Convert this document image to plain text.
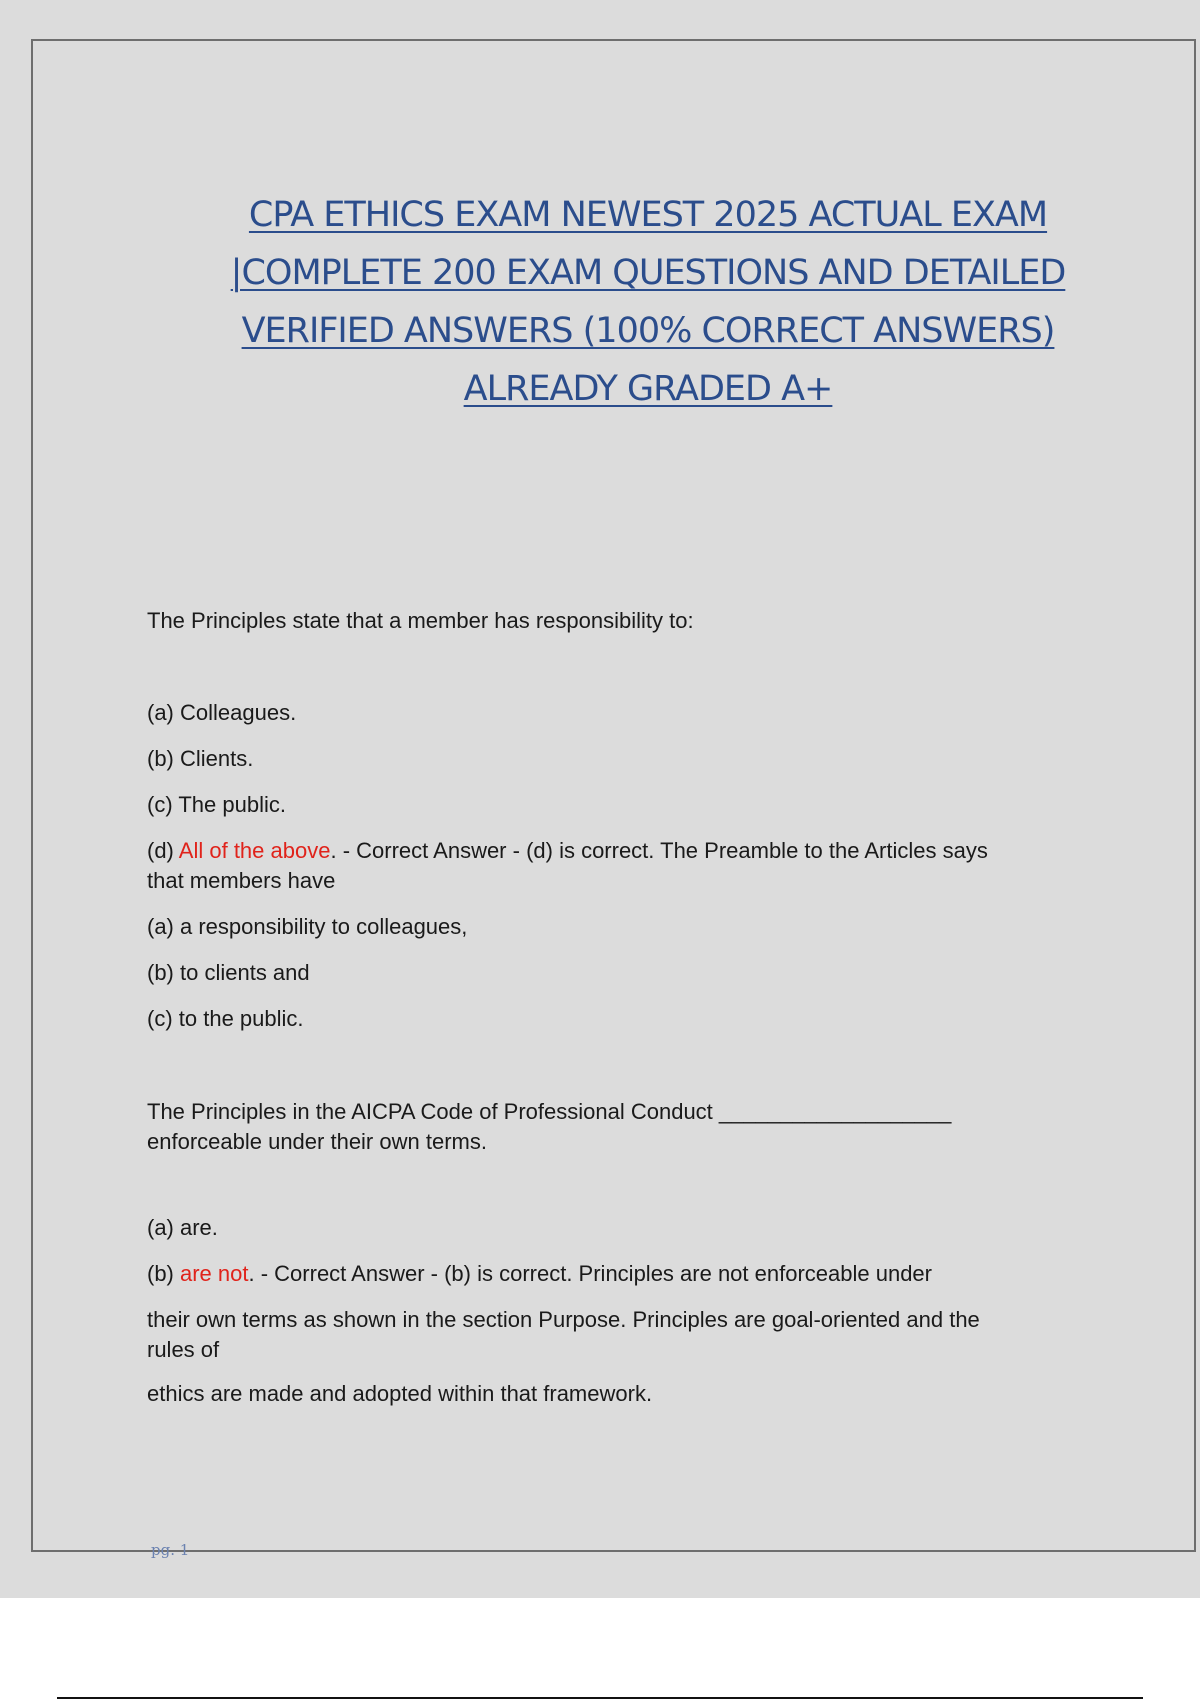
CPA ETHICS EXAM NEWEST 2025 ACTUAL EXAM
|COMPLETE 200 EXAM QUESTIONS AND DETAILED
VERIFIED ANSWERS (100% CORRECT ANSWERS)
ALREADY GRADED A+

The Principles state that a member has responsibility to:

(a) Colleagues.

(b) Clients.

(c) The public.

(d) All of the above. - Correct Answer - (d) is correct. The Preamble to the Articles says

that members have

(a) a responsibility to colleagues,

(b) to clients and

(c) to the public.

The Principles in the AICPA Code of Professional Conduct ___________________

enforceable under their own terms.

(a) are.

(b) are not. - Correct Answer - (b) is correct. Principles are not enforceable under

their own terms as shown in the section Purpose. Principles are goal-oriented and the

rules of

ethics are made and adopted within that framework.

pg. 1
